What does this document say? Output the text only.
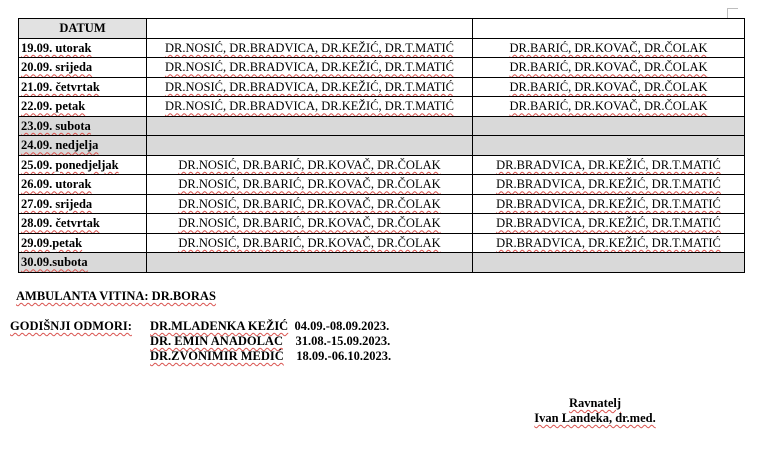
DATUM		
19.09. utorak	DR.NOSIĆ, DR.BRADVICA, DR.KEŽIĆ, DR.T.MATIĆ	DR.BARIĆ, DR.KOVAČ, DR.ČOLAK
20.09. srijeda	DR.NOSIĆ, DR.BRADVICA, DR.KEŽIĆ, DR.T.MATIĆ	DR.BARIĆ, DR.KOVAČ, DR.ČOLAK
21.09. četvrtak	DR.NOSIĆ, DR.BRADVICA, DR.KEŽIĆ, DR.T.MATIĆ	DR.BARIĆ, DR.KOVAČ, DR.ČOLAK
22.09. petak	DR.NOSIĆ, DR.BRADVICA, DR.KEŽIĆ, DR.T.MATIĆ	DR.BARIĆ, DR.KOVAČ, DR.ČOLAK
23.09. subota		
24.09. nedjelja		
25.09. ponedjeljak	DR.NOSIĆ, DR.BARIĆ, DR.KOVAČ, DR.ČOLAK	DR.BRADVICA, DR.KEŽIĆ, DR.T.MATIĆ
26.09. utorak	DR.NOSIĆ, DR.BARIĆ, DR.KOVAČ, DR.ČOLAK	DR.BRADVICA, DR.KEŽIĆ, DR.T.MATIĆ
27.09. srijeda	DR.NOSIĆ, DR.BARIĆ, DR.KOVAČ, DR.ČOLAK	DR.BRADVICA, DR.KEŽIĆ, DR.T.MATIĆ
28.09. četvrtak	DR.NOSIĆ, DR.BARIĆ, DR.KOVAČ, DR.ČOLAK	DR.BRADVICA, DR.KEŽIĆ, DR.T.MATIĆ
29.09.petak	DR.NOSIĆ, DR.BARIĆ, DR.KOVAČ, DR.ČOLAK	DR.BRADVICA, DR.KEŽIĆ, DR.T.MATIĆ
30.09.subota		
AMBULANTA VITINA: DR.BORAS
GODIŠNJI ODMORI: DR.MLADENKA KEŽIĆ 04.09.-08.09.2023.
DR. EMIN ANADOLAC 31.08.-15.09.2023.
DR.ZVONIMIR MEDIĆ 18.09.-06.10.2023.
Ravnatelj
Ivan Landeka, dr.med.
